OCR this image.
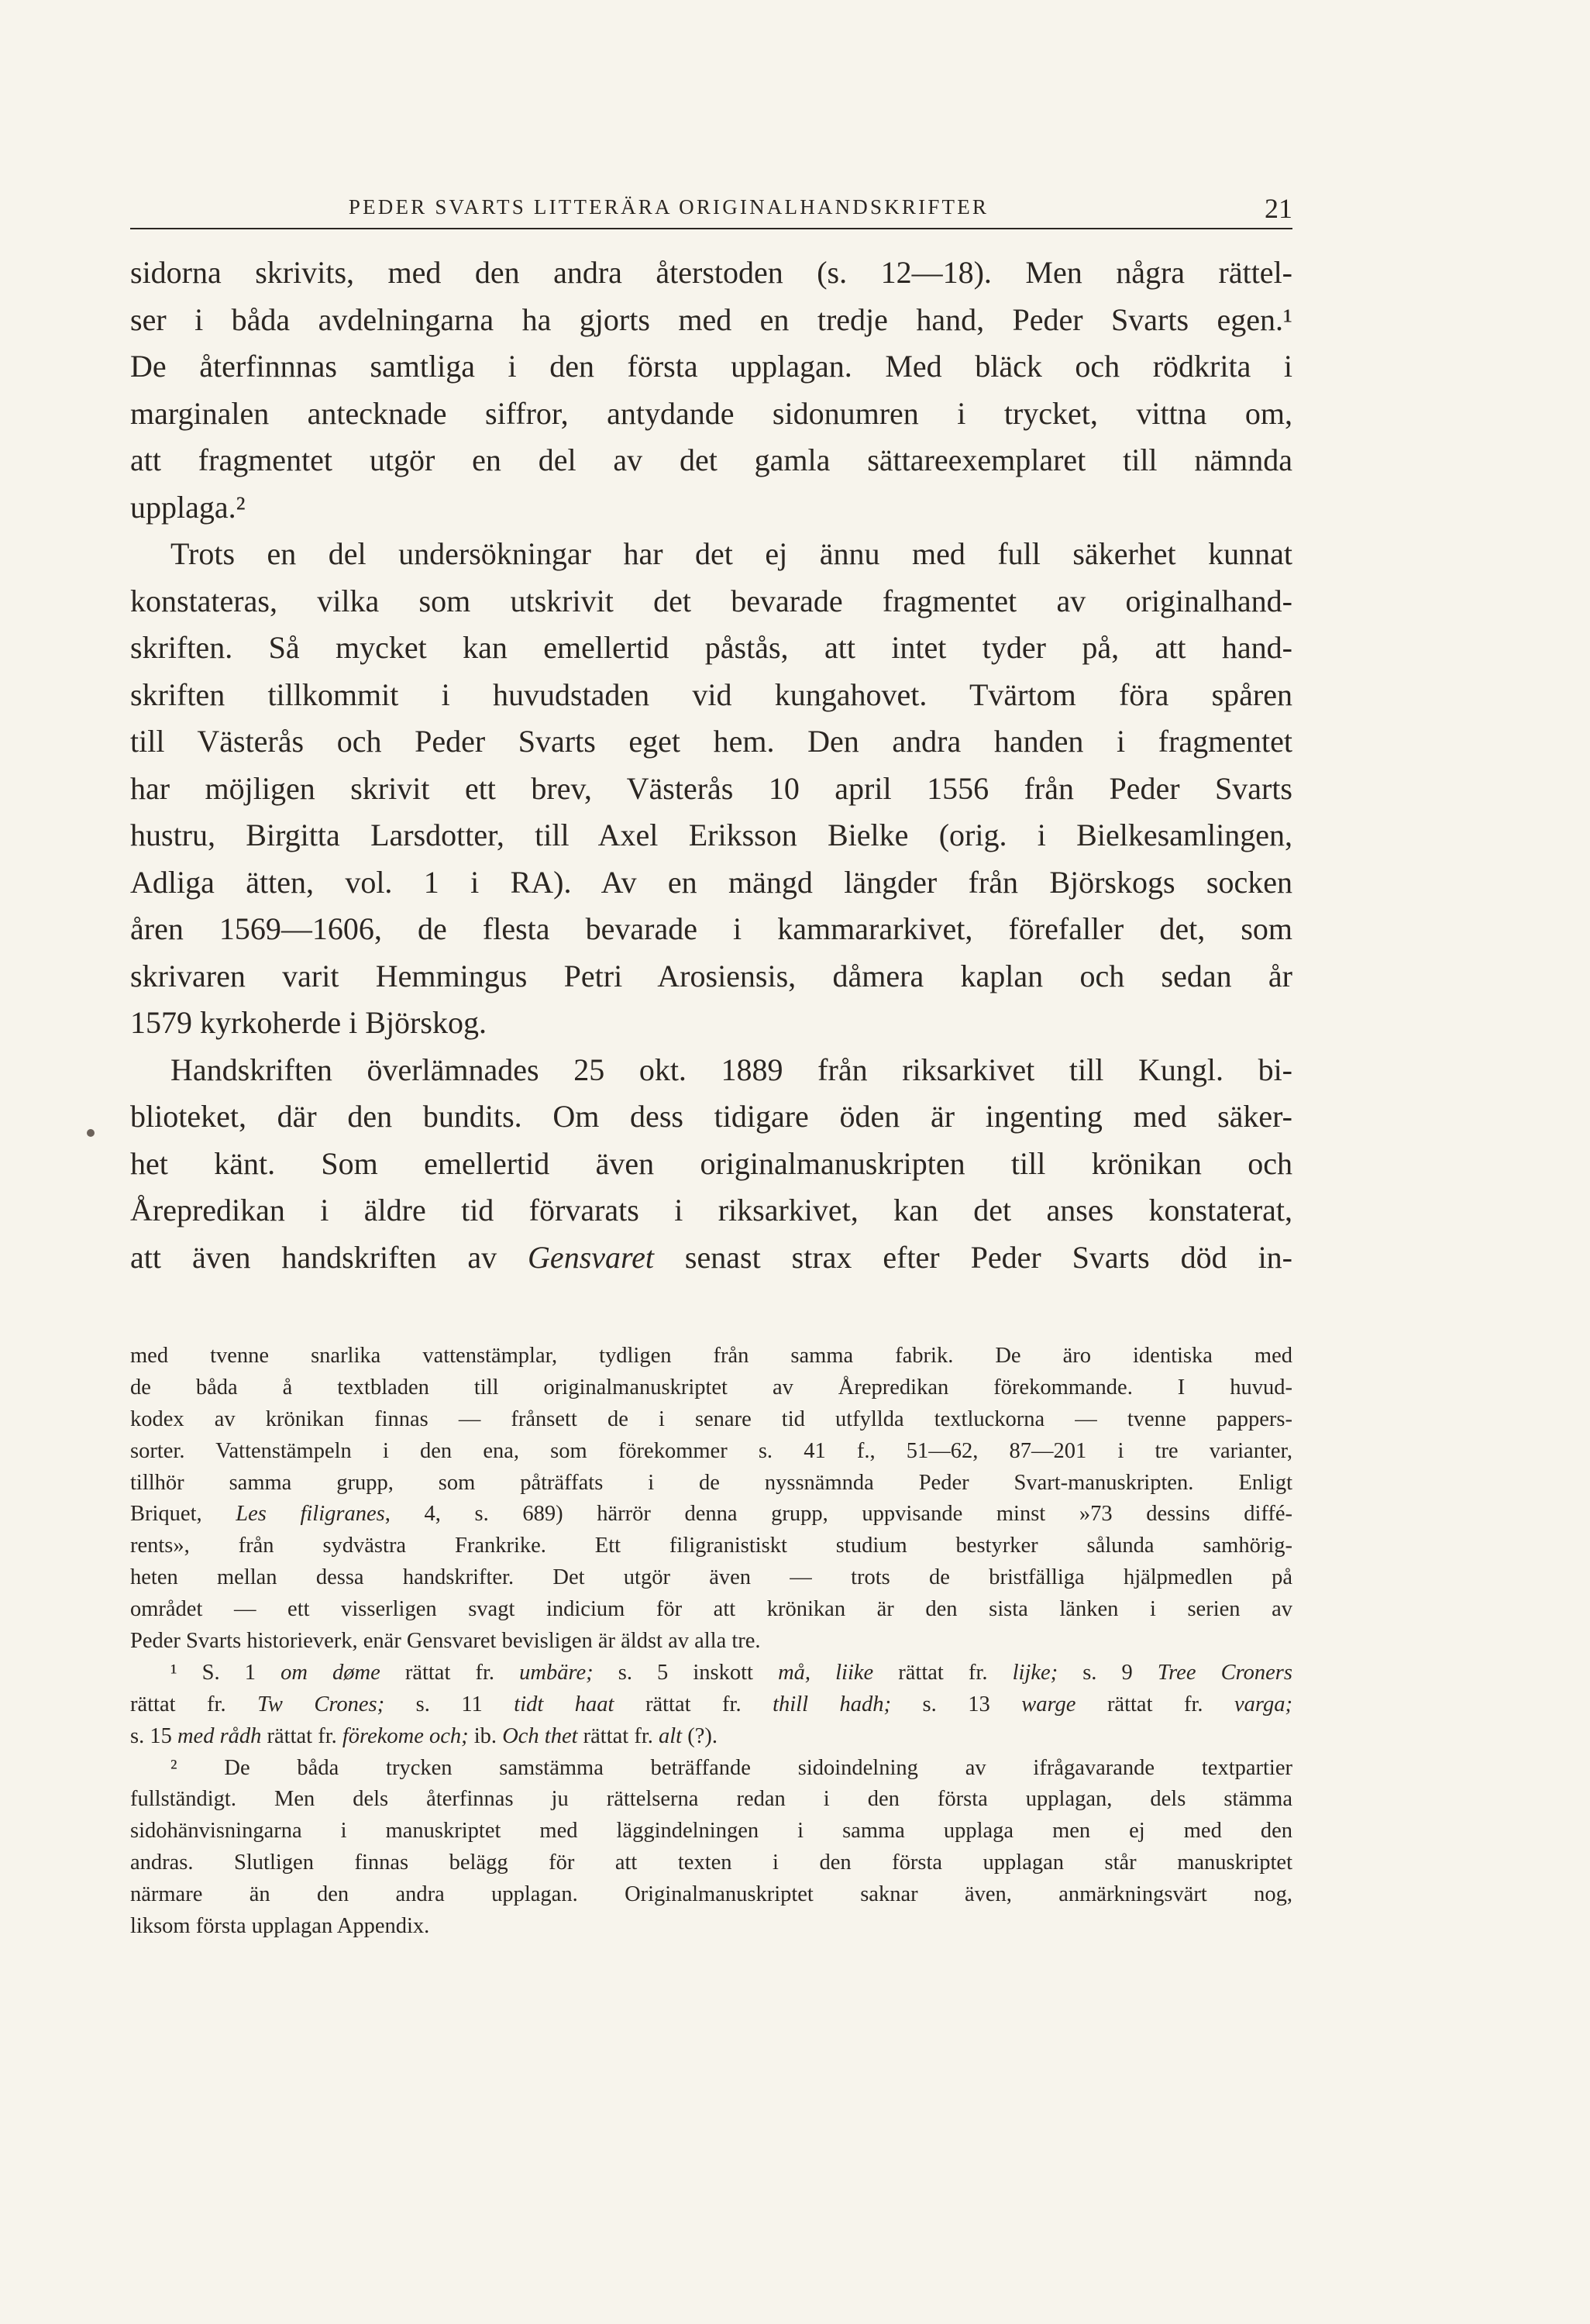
PEDER SVARTS LITTERÄRA ORIGINALHANDSKRIFTER	21
sidorna skrivits, med den andra återstoden (s. 12—18). Men några rättel-
ser i båda avdelningarna ha gjorts med en tredje hand, Peder Svarts egen.¹
De återfinnnas samtliga i den första upplagan. Med bläck och rödkrita i
marginalen antecknade siffror, antydande sidonumren i trycket, vittna om,
att fragmentet utgör en del av det gamla sättareexemplaret till nämnda
upplaga.²
Trots en del undersökningar har det ej ännu med full säkerhet kunnat
konstateras, vilka som utskrivit det bevarade fragmentet av originalhand-
skriften. Så mycket kan emellertid påstås, att intet tyder på, att hand-
skriften tillkommit i huvudstaden vid kungahovet. Tvärtom föra spåren
till Västerås och Peder Svarts eget hem. Den andra handen i fragmentet
har möjligen skrivit ett brev, Västerås 10 april 1556 från Peder Svarts
hustru, Birgitta Larsdotter, till Axel Eriksson Bielke (orig. i Bielkesamlingen,
Adliga ätten, vol. 1 i RA). Av en mängd längder från Björskogs socken
åren 1569—1606, de flesta bevarade i kammararkivet, förefaller det, som
skrivaren varit Hemmingus Petri Arosiensis, dåmera kaplan och sedan år
1579 kyrkoherde i Björskog.
Handskriften överlämnades 25 okt. 1889 från riksarkivet till Kungl. bi-
blioteket, där den bundits. Om dess tidigare öden är ingenting med säker-
het känt. Som emellertid även originalmanuskripten till krönikan och
Årepredikan i äldre tid förvarats i riksarkivet, kan det anses konstaterat,
att även handskriften av Gensvaret senast strax efter Peder Svarts död in-
med tvenne snarlika vattenstämplar, tydligen från samma fabrik. De äro identiska med
de båda å textbladen till originalmanuskriptet av Årepredikan förekommande. I huvud-
kodex av krönikan finnas — frånsett de i senare tid utfyllda textluckorna — tvenne pappers-
sorter. Vattenstämpeln i den ena, som förekommer s. 41 f., 51—62, 87—201 i tre varianter,
tillhör samma grupp, som påträffats i de nyssnämnda Peder Svart-manuskripten. Enligt
Briquet, Les filigranes, 4, s. 689) härrör denna grupp, uppvisande minst »73 dessins diffé-
rents», från sydvästra Frankrike. Ett filigranistiskt studium bestyrker sålunda samhörig-
heten mellan dessa handskrifter. Det utgör även — trots de bristfälliga hjälpmedlen på
området — ett visserligen svagt indicium för att krönikan är den sista länken i serien av
Peder Svarts historieverk, enär Gensvaret bevisligen är äldst av alla tre.
¹ S. 1 om døme rättat fr. umbäre; s. 5 inskott må, liike rättat fr. lijke; s. 9 Tree Croners
rättat fr. Tw Crones; s. 11 tidt haat rättat fr. thill hadh; s. 13 warge rättat fr. varga;
s. 15 med rådh rättat fr. förekome och; ib. Och thet rättat fr. alt (?).
² De båda trycken samstämma beträffande sidoindelning av ifrågavarande textpartier
fullständigt. Men dels återfinnas ju rättelserna redan i den första upplagan, dels stämma
sidohänvisningarna i manuskriptet med läggindelningen i samma upplaga men ej med den
andras. Slutligen finnas belägg för att texten i den första upplagan står manuskriptet
närmare än den andra upplagan. Originalmanuskriptet saknar även, anmärkningsvärt nog,
liksom första upplagan Appendix.
